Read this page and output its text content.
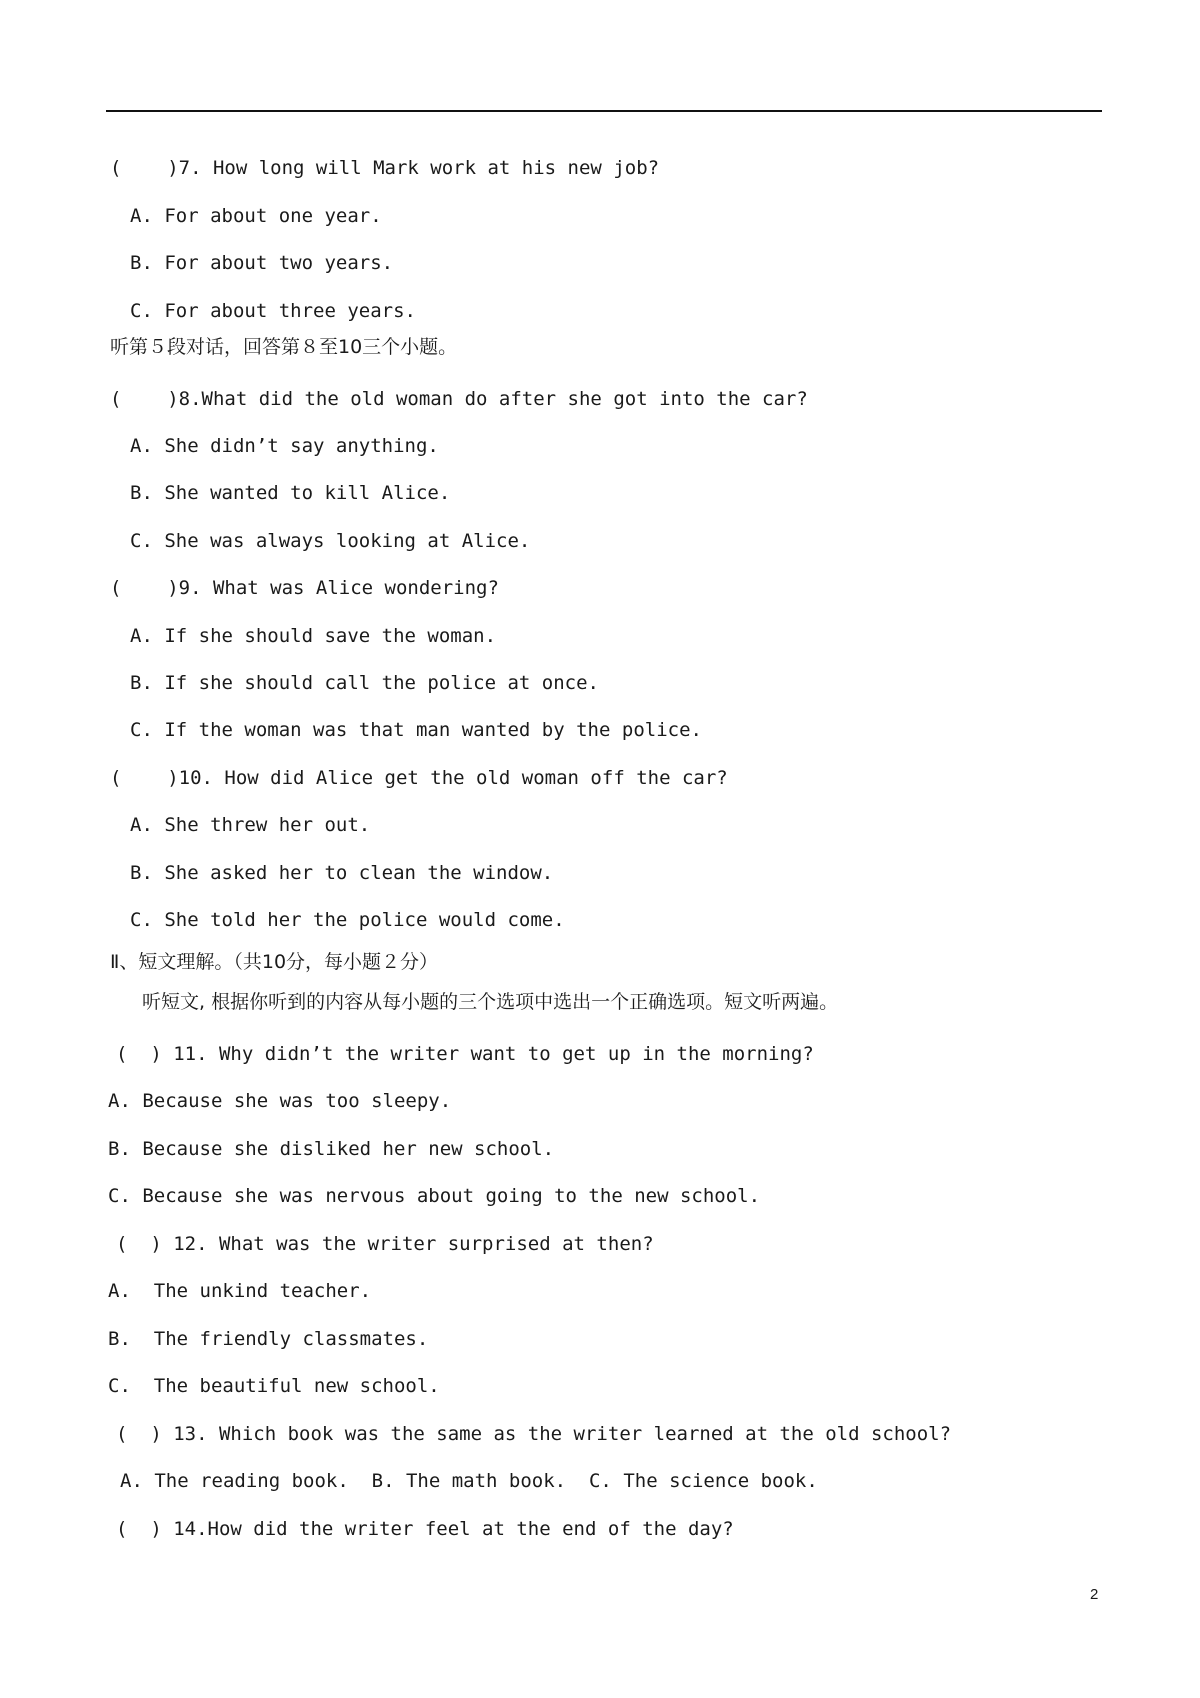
(    )7. How long will Mark work at his new job?
A. For about one year.
B. For about two years.
C. For about three years.
听第５段对话，回答第８至10三个小题。
(    )8.What did the old woman do after she got into the car?
A. She didn’t say anything.
B. She wanted to kill Alice.
C. She was always looking at Alice.
(    )9. What was Alice wondering?
A. If she should save the woman.
B. If she should call the police at once.
C. If the woman was that man wanted by the police.
(    )10. How did Alice get the old woman off the car?
A. She threw her out.
B. She asked her to clean the window.
C. She told her the police would come.
Ⅱ、短文理解。（共10分，每小题２分）
听短文, 根据你听到的内容从每小题的三个选项中选出一个正确选项。短文听两遍。
(  ) 11. Why didn’t the writer want to get up in the morning?
A. Because she was too sleepy.
B. Because she disliked her new school.
C. Because she was nervous about going to the new school.
(  ) 12. What was the writer surprised at then?
A.  The unkind teacher.
B.  The friendly classmates.
C.  The beautiful new school.
(  ) 13. Which book was the same as the writer learned at the old school?
A. The reading book.  B. The math book.  C. The science book.
(  ) 14.How did the writer feel at the end of the day?
2
